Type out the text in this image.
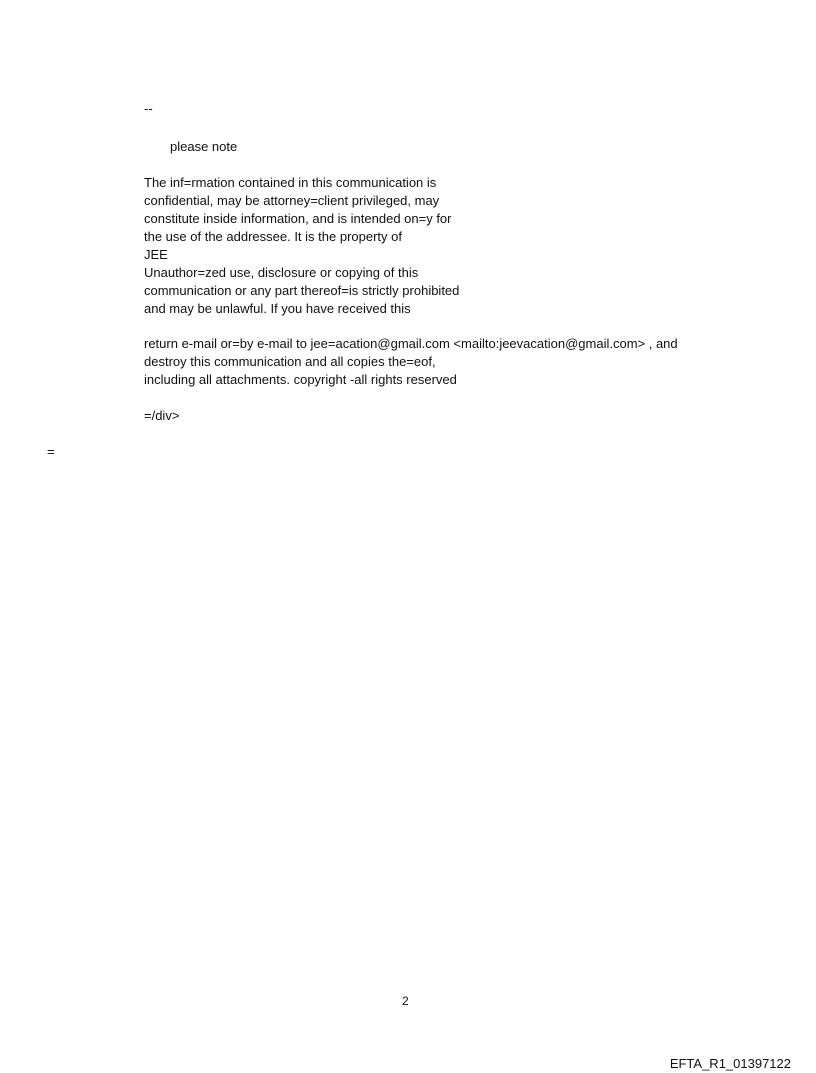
--
please note
The inf=rmation contained in this communication is
confidential, may be attorney=client privileged, may
constitute inside information, and is intended on=y for
the use of the addressee. It is the property of
JEE
Unauthor=zed use, disclosure or copying of this
communication or any part thereof=is strictly prohibited
and may be unlawful. If you have received this
return e-mail or=by e-mail to jee=acation@gmail.com <mailto:jeevacation@gmail.com> , and
destroy this communication and all copies the=eof,
including all attachments. copyright -all rights reserved
=/div>
=
2
EFTA_R1_01397122
